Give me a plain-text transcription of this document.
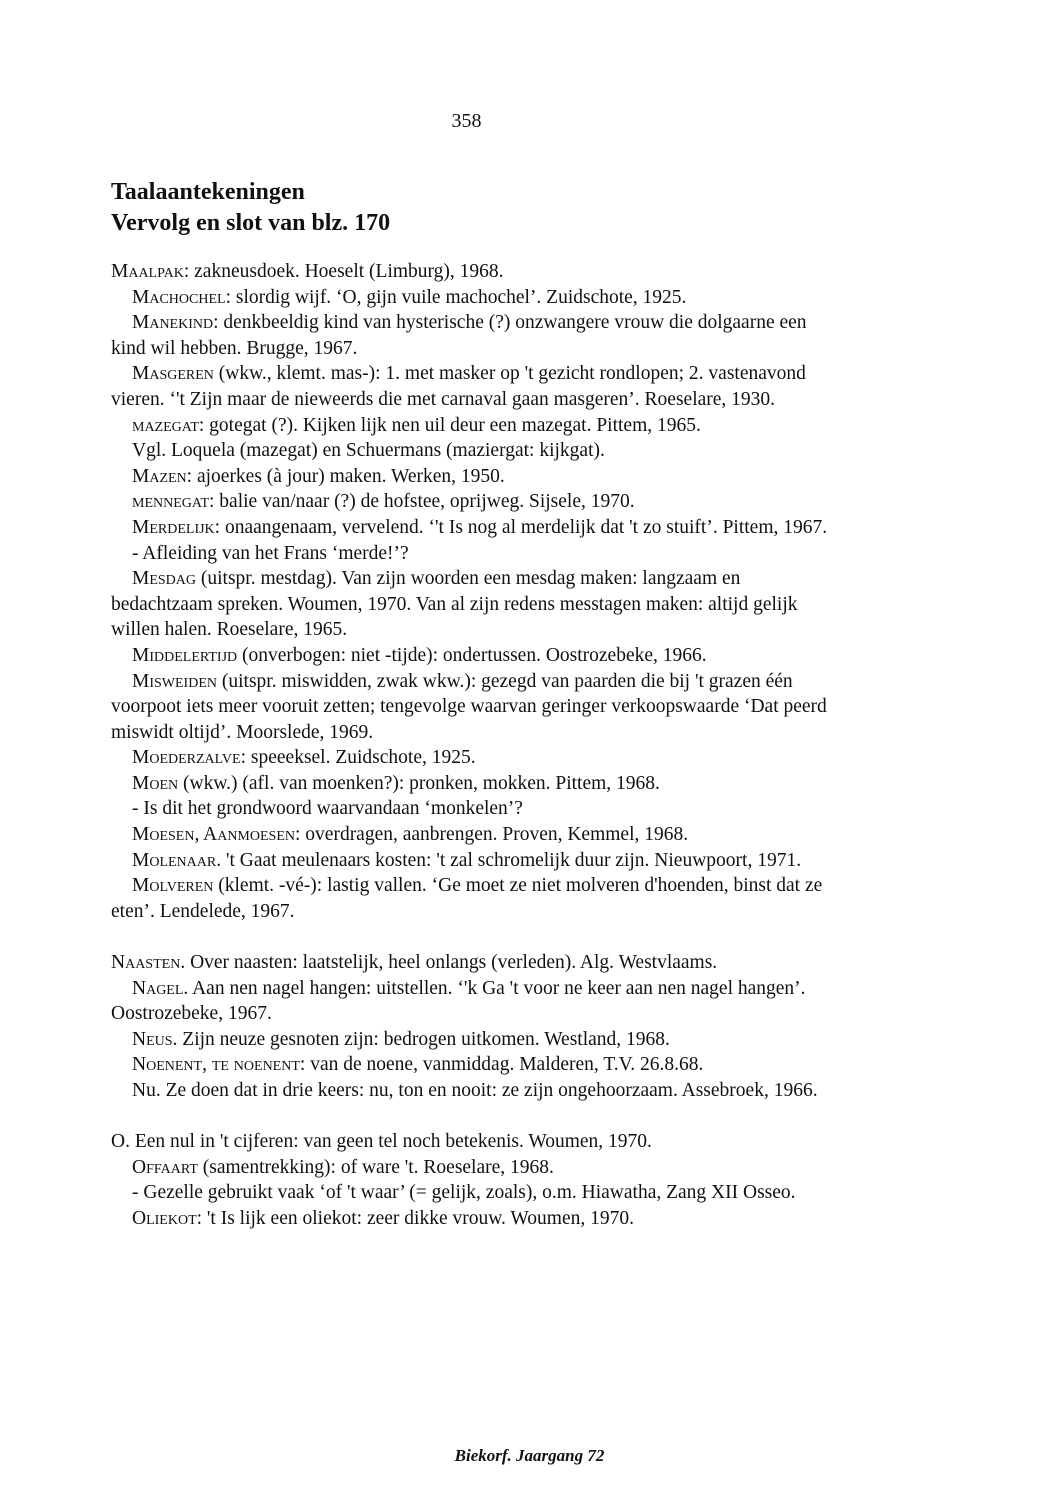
358
Taalaantekeningen
Vervolg en slot van blz. 170

Maalpak: zakneusdoek. Hoeselt (Limburg), 1968.

Machochel: slordig wijf. ‘O, gijn vuile machochel’. Zuidschote, 1925.

Manekind: denkbeeldig kind van hysterische (?) onzwangere vrouw die dolgaarne een kind wil hebben. Brugge, 1967.

Masgeren (wkw., klemt. mas-): 1. met masker op 't gezicht rondlopen; 2. vastenavond vieren. ‘'t Zijn maar de nieweerds die met carnaval gaan masgeren’. Roeselare, 1930.

mazegat: gotegat (?). Kijken lijk nen uil deur een mazegat. Pittem, 1965.

Vgl. Loquela (mazegat) en Schuermans (maziergat: kijkgat).

Mazen: ajoerkes (à jour) maken. Werken, 1950.

mennegat: balie van/naar (?) de hofstee, oprijweg. Sijsele, 1970.

Merdelijk: onaangenaam, vervelend. ‘'t Is nog al merdelijk dat 't zo stuift’. Pittem, 1967.

- Afleiding van het Frans ‘merde!’?

Mesdag (uitspr. mestdag). Van zijn woorden een mesdag maken: langzaam en bedachtzaam spreken. Woumen, 1970. Van al zijn redens messtagen maken: altijd gelijk willen halen. Roeselare, 1965.

Middelertijd (onverbogen: niet -tijde): ondertussen. Oostrozebeke, 1966.

Misweiden (uitspr. miswidden, zwak wkw.): gezegd van paarden die bij 't grazen één voorpoot iets meer vooruit zetten; tengevolge waarvan geringer verkoopswaarde ‘Dat peerd miswidt oltijd’. Moorslede, 1969.

Moederzalve: speeeksel. Zuidschote, 1925.

Moen (wkw.) (afl. van moenken?): pronken, mokken. Pittem, 1968.

- Is dit het grondwoord waarvandaan ‘monkelen’?

Moesen, Aanmoesen: overdragen, aanbrengen. Proven, Kemmel, 1968.

Molenaar. 't Gaat meulenaars kosten: 't zal schromelijk duur zijn. Nieuwpoort, 1971.

Molveren (klemt. -vé-): lastig vallen. ‘Ge moet ze niet molveren d'hoenden, binst dat ze eten’. Lendelede, 1967.

Naasten. Over naasten: laatstelijk, heel onlangs (verleden). Alg. Westvlaams.

Nagel. Aan nen nagel hangen: uitstellen. ‘'k Ga 't voor ne keer aan nen nagel hangen’. Oostrozebeke, 1967.

Neus. Zijn neuze gesnoten zijn: bedrogen uitkomen. Westland, 1968.

Noenent, te noenent: van de noene, vanmiddag. Malderen, T.V. 26.8.68.

Nu. Ze doen dat in drie keers: nu, ton en nooit: ze zijn ongehoorzaam. Assebroek, 1966.

O. Een nul in 't cijferen: van geen tel noch betekenis. Woumen, 1970.

Offaart (samentrekking): of ware 't. Roeselare, 1968.

- Gezelle gebruikt vaak ‘of 't waar’ (= gelijk, zoals), o.m. Hiawatha, Zang XII Osseo.

Oliekot: 't Is lijk een oliekot: zeer dikke vrouw. Woumen, 1970.

Biekorf. Jaargang 72
